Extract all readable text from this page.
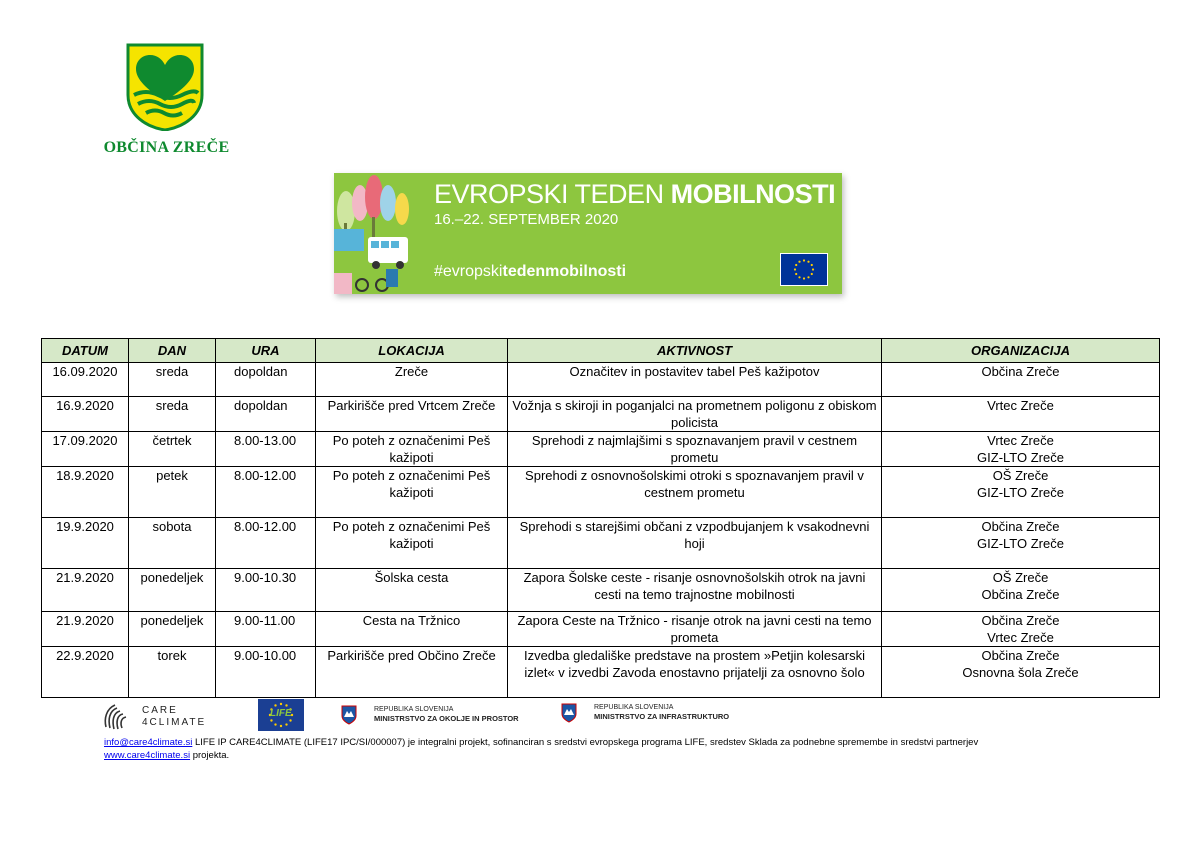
OBČINA ZREČE
EVROPSKI TEDEN MOBILNOSTI
16.–22. SEPTEMBER 2020
#evropskitedenmobilnosti
DATUM	DAN	URA	LOKACIJA	AKTIVNOST	ORGANIZACIJA
16.09.2020	sreda	dopoldan	Zreče	Označitev in postavitev tabel Peš kažipotov	Občina Zreče

16.9.2020	sreda	dopoldan	Parkirišče pred Vrtcem Zreče	Vožnja s skiroji in poganjalci na prometnem poligonu z obiskom policista	Vrtec Zreče

17.09.2020	četrtek	8.00-13.00	Po poteh z označenimi Peš kažipoti	Sprehodi z najmlajšimi s spoznavanjem pravil v cestnem prometu	Vrtec Zreče
GIZ-LTO Zreče

18.9.2020	petek	8.00-12.00	Po poteh z označenimi Peš kažipoti	Sprehodi z osnovnošolskimi otroki s spoznavanjem pravil v cestnem prometu	OŠ Zreče
GIZ-LTO Zreče

19.9.2020	sobota	8.00-12.00	Po poteh z označenimi Peš kažipoti	Sprehodi s starejšimi občani z vzpodbujanjem k vsakodnevni hoji	Občina Zreče
GIZ-LTO Zreče

21.9.2020	ponedeljek	9.00-10.30	Šolska cesta	Zapora Šolske ceste - risanje osnovnošolskih otrok na javni cesti na temo trajnostne mobilnosti	OŠ Zreče
Občina Zreče

21.9.2020	ponedeljek	9.00-11.00	Cesta na Tržnico	Zapora Ceste na Tržnico - risanje otrok na javni cesti na temo prometa	Občina Zreče
Vrtec Zreče

22.9.2020	torek	9.00-10.00	Parkirišče pred Občino Zreče	Izvedba gledališke predstave na prostem »Petjin kolesarski izlet« v izvedbi Zavoda enostavno prijatelji za osnovno šolo	Občina Zreče
Osnovna šola Zreče
CARE
4CLIMATE
LIFE	REPUBLIKA SLOVENIJA
MINISTRSTVO ZA OKOLJE IN PROSTOR
REPUBLIKA SLOVENIJA
MINISTRSTVO ZA INFRASTRUKTURO
info@care4climate.si LIFE IP CARE4CLIMATE (LIFE17 IPC/SI/000007) je integralni projekt, sofinanciran s sredstvi evropskega programa LIFE, sredstev Sklada za podnebne spremembe in sredstvi partnerjev
www.care4climate.si projekta.
